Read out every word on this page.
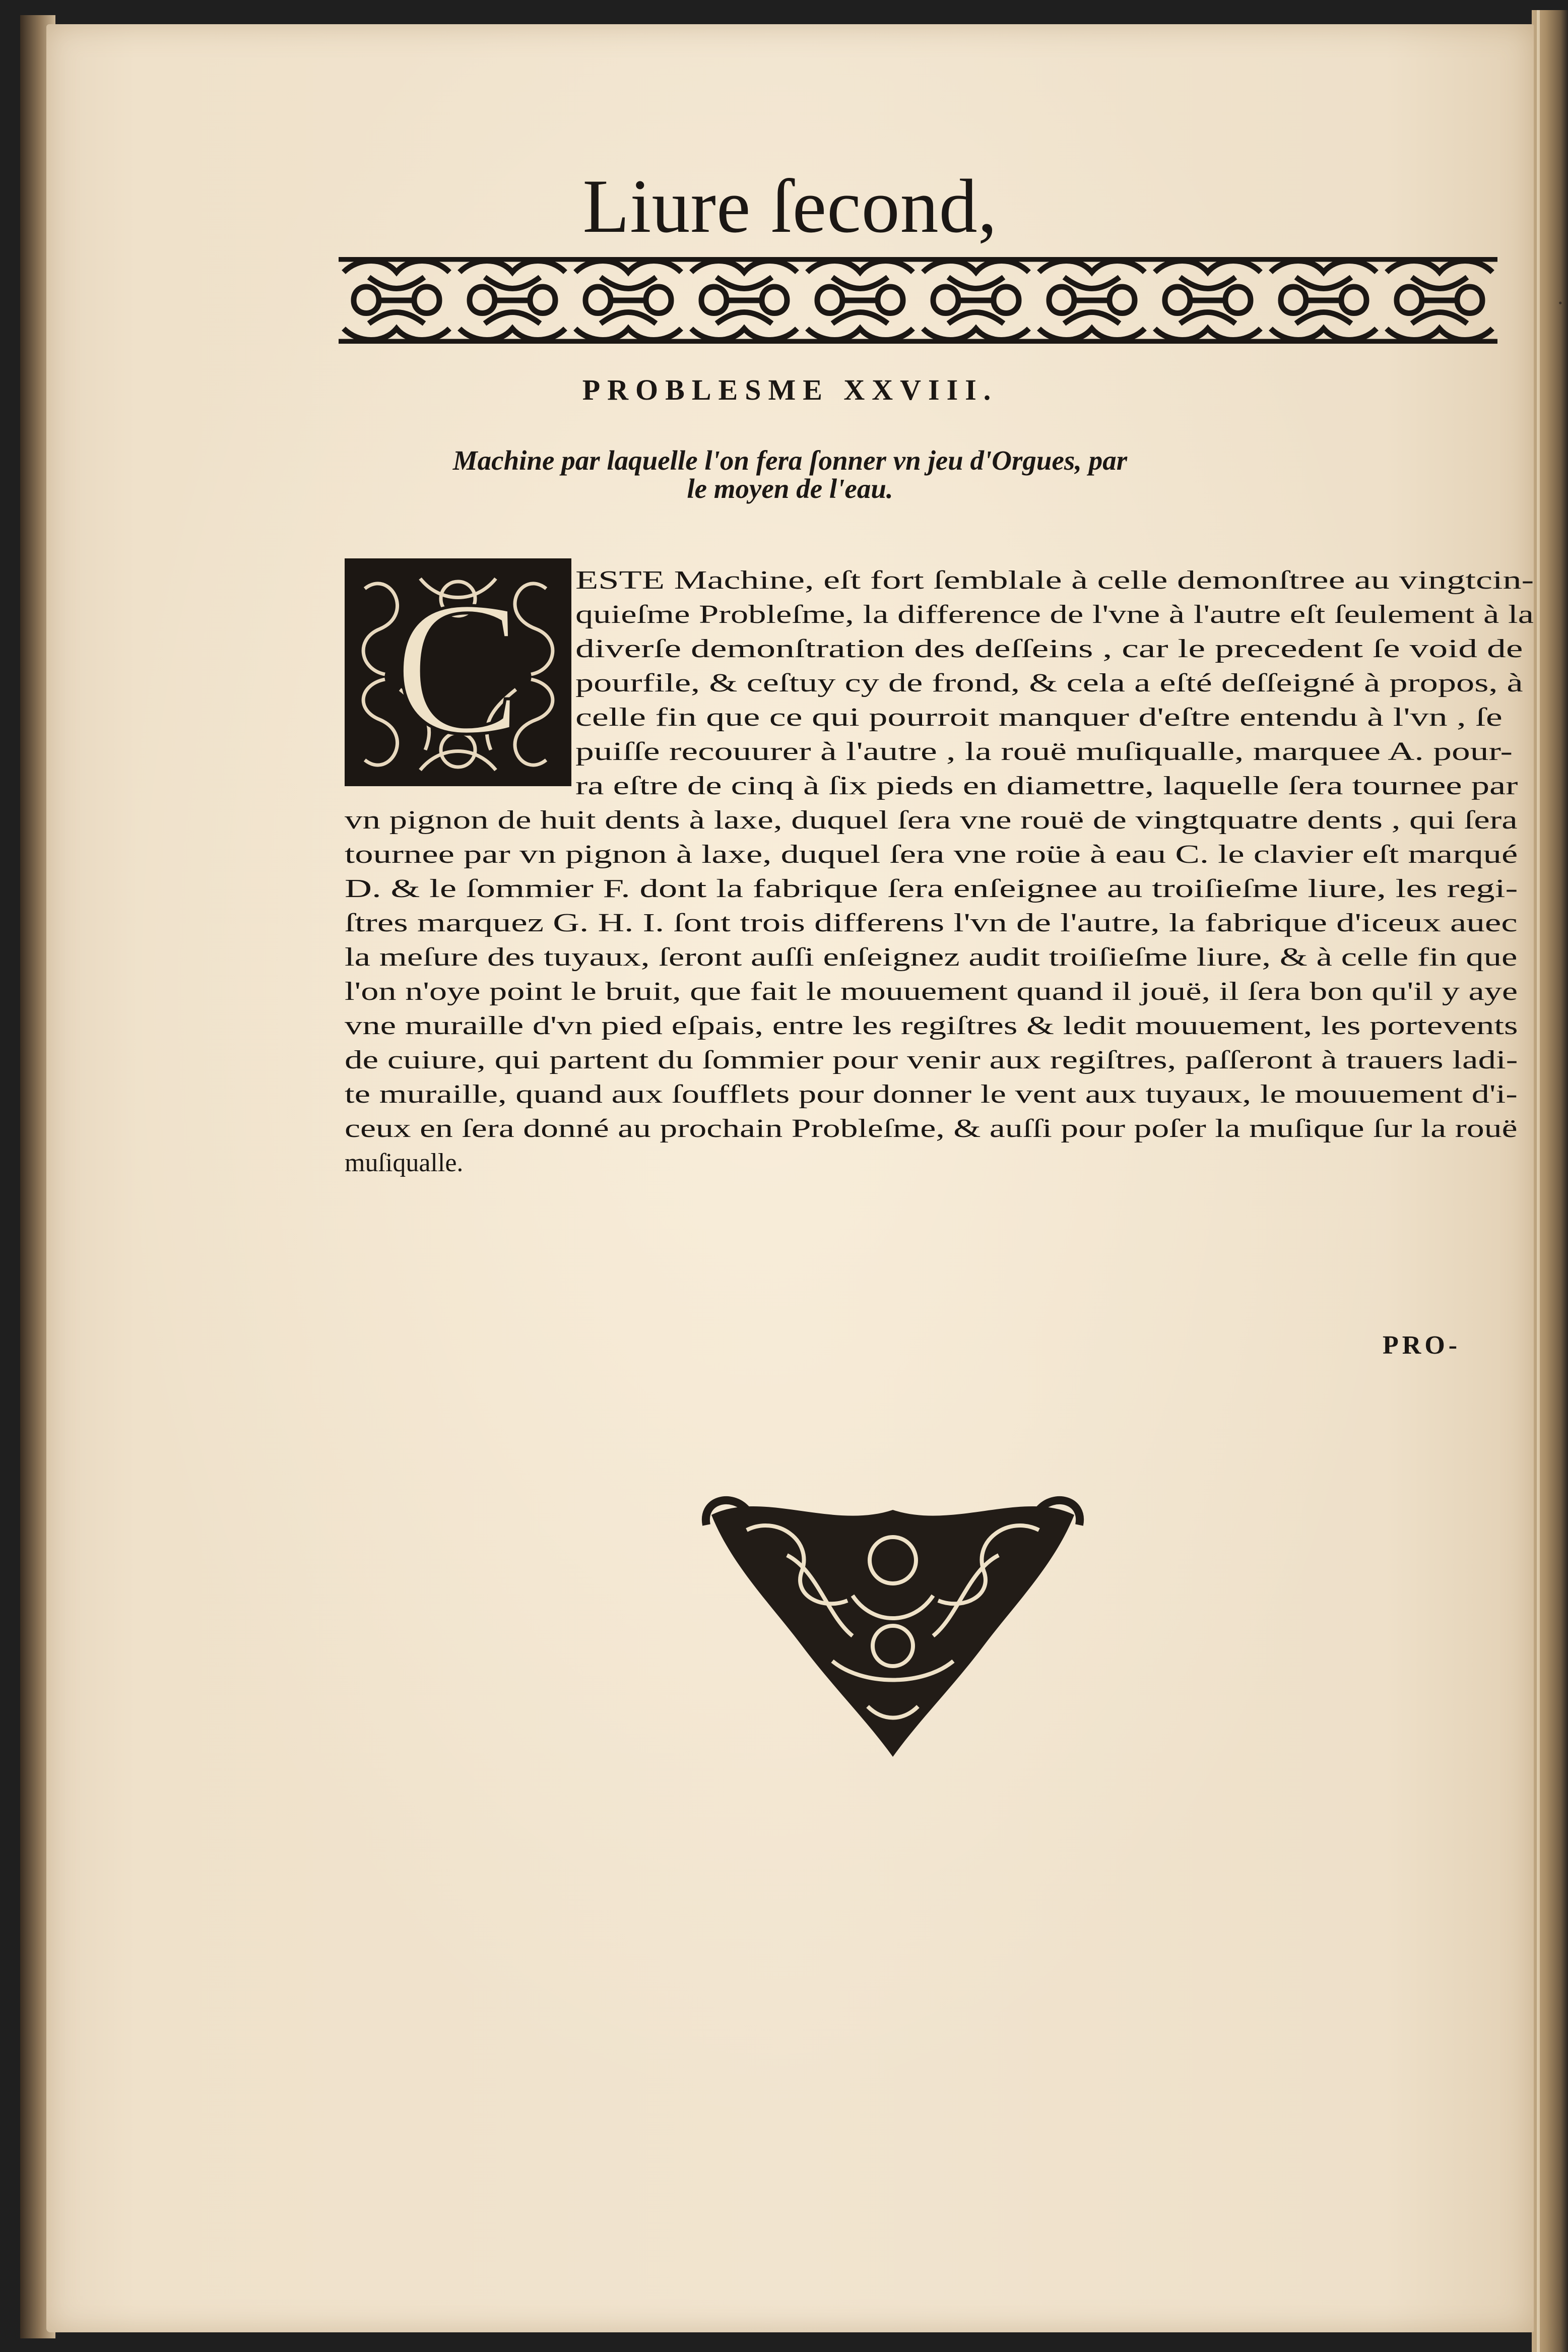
Liure ſecond,
PROBLESME XXVIII.
Machine par laquelle l'on fera ſonner vn jeu d'Orgues, par
le moyen de l'eau.
C ESTE Machine, eſt fort ſemblale à celle demonſtree au vingtcin-
quieſme Probleſme, la difference de l'vne à l'autre eſt ſeulement à la
diverſe demonſtration des deſſeins , car le precedent ſe void de
pourfile, & ceſtuy cy de frond, & cela a eſté deſſeigné à propos, à
celle fin que ce qui pourroit manquer d'eſtre entendu à l'vn , ſe
puiſſe recouurer à l'autre , la rouë muſiqualle, marquee A. pour-
ra eſtre de cinq à ſix pieds en diamettre, laquelle ſera tournee par
vn pignon de huit dents à laxe, duquel ſera vne rouë de vingtquatre dents , qui ſera
tournee par vn pignon à laxe, duquel ſera vne roüe à eau C. le clavier eſt marqué
D. & le ſommier F. dont la fabrique ſera enſeignee au troiſieſme liure, les regi-
ſtres marquez G. H. I. ſont trois differens l'vn de l'autre, la fabrique d'iceux auec
la meſure des tuyaux, ſeront auſſi enſeignez audit troiſieſme liure, & à celle fin que
l'on n'oye point le bruit, que fait le mouuement quand il jouë, il ſera bon qu'il y aye
vne muraille d'vn pied eſpais, entre les regiſtres & ledit mouuement, les portevents
de cuiure, qui partent du ſommier pour venir aux regiſtres, paſſeront à trauers ladi-
te muraille, quand aux ſoufflets pour donner le vent aux tuyaux, le mouuement d'i-
ceux en ſera donné au prochain Probleſme, & auſſi pour poſer la muſique ſur la rouë
muſiqualle.
PRO-
⋅
